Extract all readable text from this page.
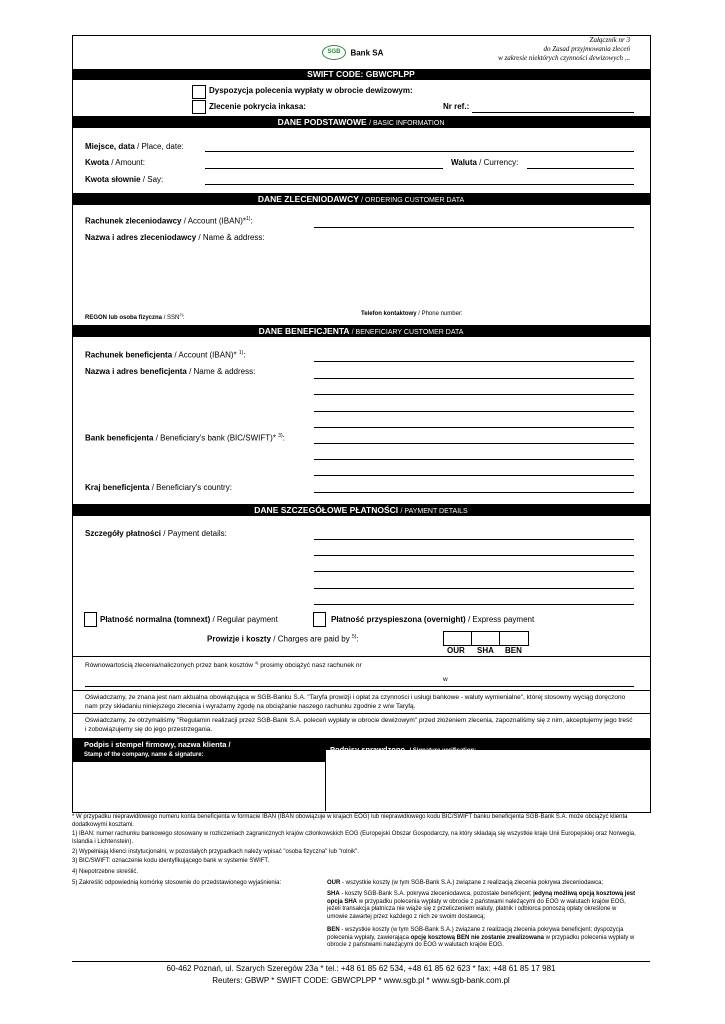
Załącznik nr 3
do Zasad przyjmowania zleceń
w zakresie niektórych czynności dewizowych ...
SGB Bank SA
SWIFT CODE: GBWCPLPP
Dyspozycja polecenia wypłaty w obrocie dewizowym:
Zlecenie pokrycia inkasa:	Nr ref.:
DANE PODSTAWOWE / BASIC INFORMATION
Miejsce, data / Place, date:
Kwota / Amount:	Waluta / Currency:
Kwota słownie / Say:
DANE ZLECENIODAWCY / ORDERING CUSTOMER DATA
Rachunek zleceniodawcy / Account (IBAN)*$^{1)}$:
Nazwa i adres zleceniodawcy / Name & address:
REGON lub osoba fizyczna / SSN$^{2)}$:
Telefon kontaktowy / Phone number:
DANE BENEFICJENTA / BENEFICIARY CUSTOMER DATA
Rachunek beneficjenta / Account (IBAN)* $^{1)}$:
Nazwa i adres beneficjenta / Name & address:
Bank beneficjenta / Beneficiary's bank (BIC/SWIFT)* $^{3)}$:
Kraj beneficjenta / Beneficiary's country:
DANE SZCZEGÓŁOWE PŁATNOŚCI / PAYMENT DETAILS
Szczegóły płatności / Payment details:
Płatność normalna (tomnext) / Regular payment	Płatność przyspieszona (overnight) / Express payment
Prowizje i koszty / Charges are paid by $^{5)}$:
OUR SHA BEN
Równowartością zlecenia/naliczonych przez bank kosztów $^{4)}$ prosimy obciążyć nasz rachunek nr
w
Oświadczamy, że znana jest nam aktualna obowiązująca w SGB-Banku S.A. "Taryfa prowizji i opłat za czynności i usługi bankowe - waluty wymienialne", której stosowny wyciąg doręczono nam przy składaniu niniejszego zlecenia i wyrażamy zgodę na obciążanie naszego rachunku zgodnie z w/w Taryfą.
Oświadczamy, że otrzymaliśmy "Regulamin realizacji przez SGB-Bank S.A. poleceń wypłaty w obrocie dewizowym" przed złożeniem zlecenia, zapoznaliśmy się z nim, akceptujemy jego treść i zobowiązujemy się do jego przestrzegania.
Podpis i stempel firmowy, nazwa klienta /
Stamp of the company, name & signature:
Podpisy sprawdzono / Signature verification:
* W przypadku nieprawidłowego numeru konta beneficjenta w formacie IBAN (IBAN obowiązuje w krajach EOG) lub nieprawidłowego kodu BIC/SWIFT banku beneficjenta SGB-Bank S.A. może obciążyć klienta dodatkowymi kosztami.
1) IBAN: numer rachunku bankowego stosowany w rozliczeniach zagranicznych krajów członkowskich EOG (Europejski Obszar Gospodarczy, na który składają się wszystkie kraje Unii Europejskiej oraz Norwegia, Islandia i Lichtenstein).
2) Wypełniają klienci instytucjonalni, w pozostałych przypadkach należy wpisać "osoba fizyczna" lub "rolnik".
3) BIC/SWIFT: oznaczenie kodu identyfikującego bank w systemie SWIFT.
4) Niepotrzebne skreślić.
5) Zakreślić odpowiednią komórkę stosownie do przedstawionego wyjaśnienia:	OUR - wszystkie koszty (w tym SGB-Bank S.A.) związane z realizacją zlecenia pokrywa zleceniodawca;
SHA - koszty SGB-Bank S.A. pokrywa zleceniodawca, pozostałe beneficjent; jedyną możliwą opcją kosztową jest opcja SHA w przypadku polecenia wypłaty w obrocie z państwami należącymi do EOG w walutach krajów EOG, jeżeli transakcja płatnicza nie wiąże się z przeliczeniem waluty, płatnik i odbiorca ponoszą opłaty określone w umowie zawartej przez każdego z nich ze swoim dostawcą;
BEN - wszystkie koszty (w tym SGB-Bank S.A.) związane z realizacją zlecenia pokrywa beneficjent; dyspozycja polecenia wypłaty, zawierająca opcję kosztową BEN nie zostanie zrealizowana w przypadku polecenia wypłaty w obrocie z państwami należącymi do EOG w walutach krajów EOG.
60-462 Poznań, ul. Szarych Szeregów 23a * tel.: +48 61 85 62 534, +48 61 85 62 623 * fax: +48 61 85 17 981
Reuters: GBWP * SWIFT CODE: GBWCPLPP * www.sgb.pl * www.sgb-bank.com.pl
